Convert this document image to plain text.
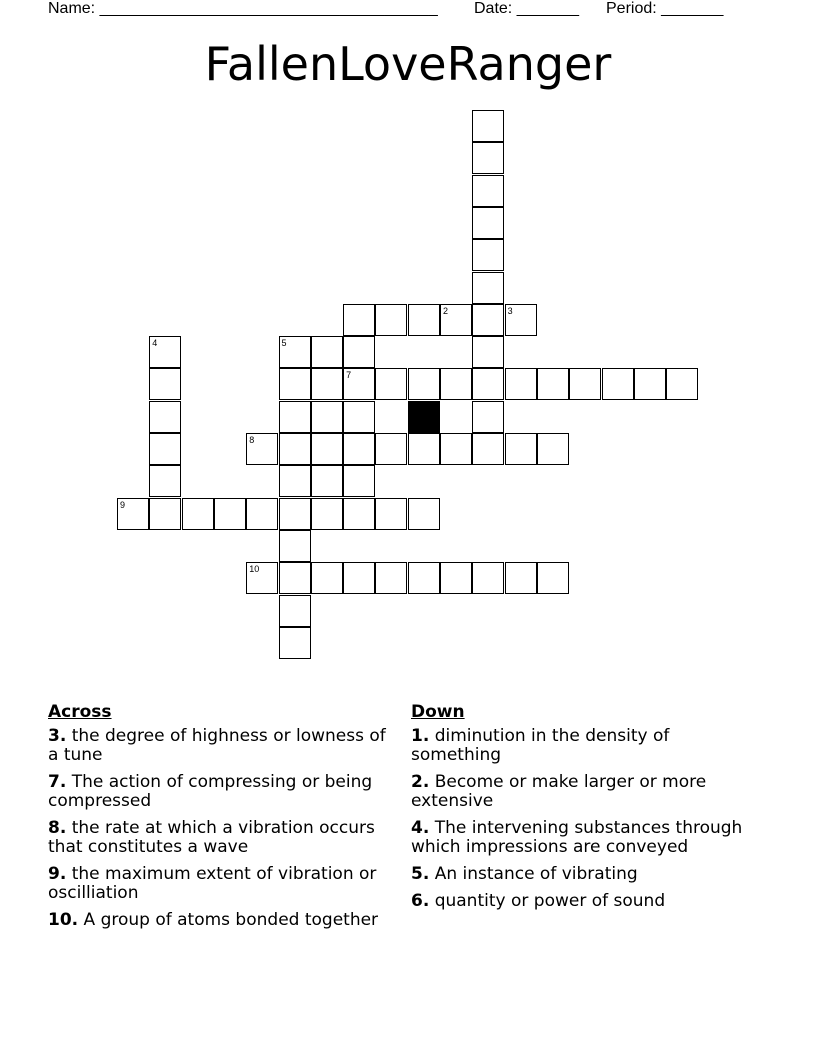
Name: ______________________________________ Date: _______ Period: _______
FallenLoveRanger
7
2	3
4	5
8
9
10
Across
3. the degree of highness or lowness of a tune
7. The action of compressing or being compressed
8. the rate at which a vibration occurs that constitutes a wave
9. the maximum extent of vibration or oscilliation
10. A group of atoms bonded together
Down
1. diminution in the density of something
2. Become or make larger or more extensive
4. The intervening substances through which impressions are conveyed
5. An instance of vibrating
6. quantity or power of sound
